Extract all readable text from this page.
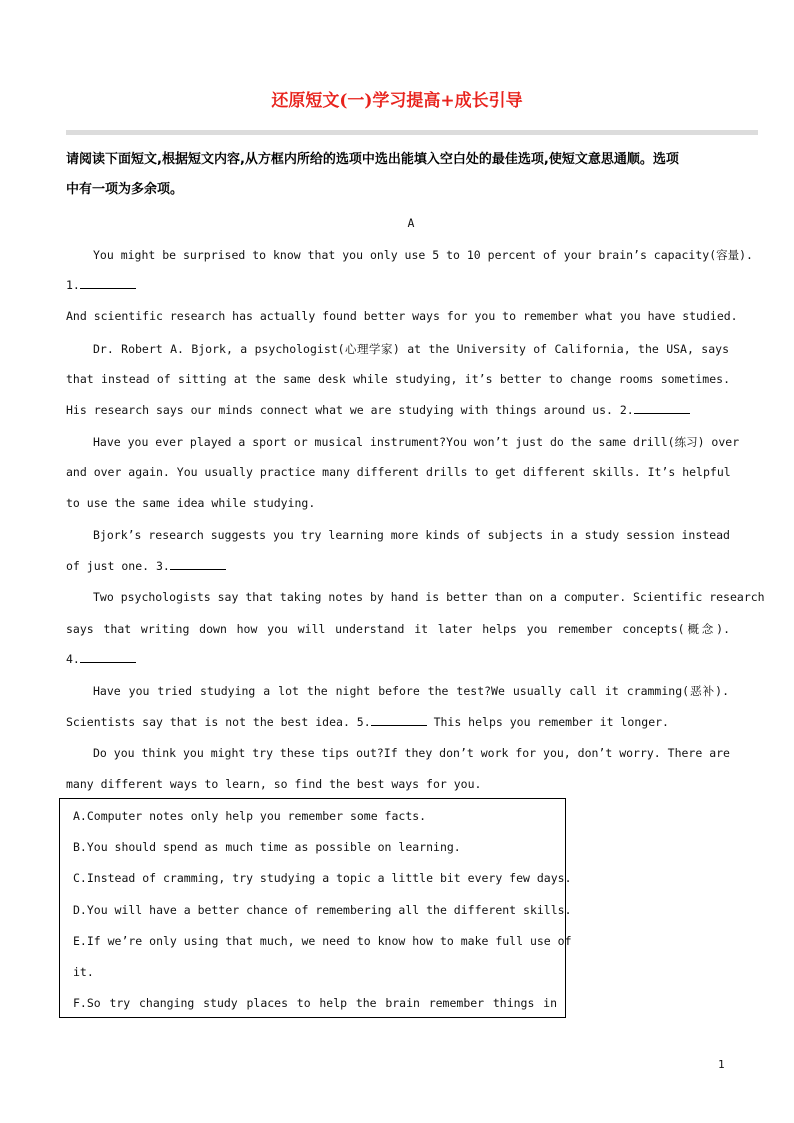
还原短文(一)学习提高+成长引导
请阅读下面短文,根据短文内容,从方框内所给的选项中选出能填入空白处的最佳选项,使短文意思通顺。选项
中有一项为多余项。
A
You might be surprised to know that you only use 5 to 10 percent of your brain’s capacity(容量).
1.
And scientific research has actually found better ways for you to remember what you have studied.
Dr. Robert A. Bjork, a psychologist(心理学家) at the University of California, the USA, says
that instead of sitting at the same desk while studying, it’s better to change rooms sometimes.
His research says our minds connect what we are studying with things around us. 2.
Have you ever played a sport or musical instrument?You won’t just do the same drill(练习) over
and over again. You usually practice many different drills to get different skills. It’s helpful
to use the same idea while studying.
Bjork’s research suggests you try learning more kinds of subjects in a study session instead
of just one. 3.
Two psychologists say that taking notes by hand is better than on a computer. Scientific research
says that writing down how you will understand it later helps you remember concepts(概念).
4.
Have you tried studying a lot the night before the test?We usually call it cramming(恶补).
Scientists say that is not the best idea. 5.	This helps you remember it longer.
Do you think you might try these tips out?If they don’t work for you, don’t worry. There are
many different ways to learn, so find the best ways for you.
A.Computer notes only help you remember some facts.
B.You should spend as much time as possible on learning.
C.Instead of cramming, try studying a topic a little bit every few days.
D.You will have a better chance of remembering all the different skills.
E.If we’re only using that much, we need to know how to make full use of
it.
F.So try changing study places to help the brain remember things in
1
